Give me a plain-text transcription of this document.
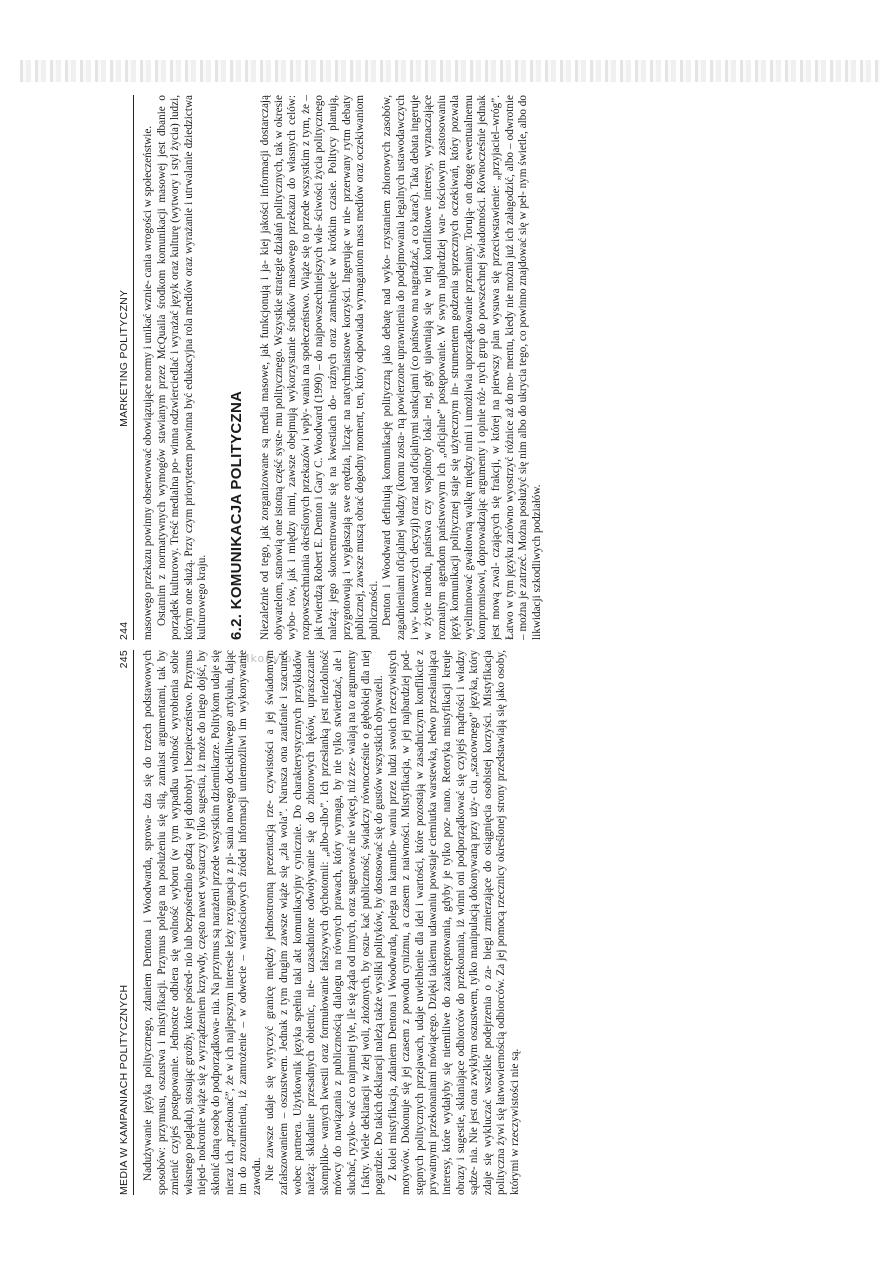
Mkonylo
244
MARKETING POLITYCZNY masowego przekazu powinny obserwować obowiązujące normy i unikać wznie- cania wrogości w społeczeństwie. Ostatnim z normatywnych wymogów stawianym przez McQuaila środkom komunikacji masowej jest dbanie o porządek kulturowy. Treść medialna po- winna odzwierciedlać i wyrażać język oraz kulturę (wytwory i styl życia) ludzi, którym one służą. Przy czym priorytetem powinna być edukacyjna rola mediów oraz wyrażanie i utrwalanie dziedzictwa kulturowego kraju. 6.2. KOMUNIKACJA POLITYCZNA Niezależnie od tego, jak zorganizowane są media masowe, jak funkcjonują i ja- kiej jakości informacji dostarczają obywatelom, stanowią one istotną część syste- mu politycznego. Wszystkie strategie działań politycznych, tak w okresie wybo- rów, jak i między nimi, zawsze obejmują wykorzystanie środków masowego przekazu do własnych celów: rozpowszechniania określonych przekazów i wpły- wania na społeczeństwo. Wiąże się to przede wszystkim z tym, że – jak twierdzą Robert E. Denton i Gary C. Woodward (1990) – do najpowszechniejszych wła- ściwości życia politycznego należą: jego skoncentrowanie się na kwestiach do- raźnych oraz zamknięcie w krótkim czasie. Politycy planują, przygotowują i wygłaszają swe orędzia, licząc na natychmiastowe korzyści. Ingerując w nie- przerwany rytm debaty publicznej, zawsze muszą obrać dogodny moment, ten, który odpowiada wymaganiom mass mediów oraz oczekiwaniom publiczności. Denton i Woodward definiują komunikację polityczną jako debatę nad wyko- rzystaniem zbiorowych zasobów, zagadnieniami oficjalnej władzy (komu zosta- ną powierzone uprawnienia do podejmowania legalnych ustawodawczych i wy- konawczych decyzji) oraz nad oficjalnymi sankcjami (co państwo ma nagradzać, a co karać). Taka debata ingeruje w życie narodu, państwa czy wspólnoty lokal- nej, gdy ujawniają się w niej konfliktowe interesy, wyznaczające rozmaitym agendom państwowym ich „oficjalne” postępowanie. W swym najbardziej war- tościowym zastosowaniu język komunikacji politycznej staje się użytecznym in- strumentem godzenia sprzecznych oczekiwań, który pozwala wyeliminować gwałtowną walkę między nimi i umożliwia uporządkowanie przemiany. Torują- on drogę ewentualnemu kompromisowi, doprowadzając argumenty i opinie róż- nych grup do powszechnej świadomości. Równocześnie jednak jest mową zwal- czających się frakcji, w której na pierwszy plan wysuwa się przeciwstawienie: „przyjaciel–wróg”. Łatwo w tym języku zarówno wyostrzyć różnice aż do mo- mentu, kiedy nie można już ich załagodzić, albo – odwrotnie – można je zatrzeć. Można posłużyć się nim albo do ukrycia tego, co powinno znajdować się w peł- nym świetle, albo do likwidacji szkodliwych podziałów.

MEDIA W KAMPANIACH POLITYCZNYCH
245 Nadużywanie języka politycznego, zdaniem Dentona i Woodwarda, sprowa- dza się do trzech podstawowych sposobów: przymusu, oszustwa i mistyfikacji. Przymus polega na posłużeniu się siłą, zamiast argumentami, tak by zmienić czyjeś postępowanie. Jednostce odbiera się wolność wyboru (w tym wypadku wolność wyrobienia sobie własnego poglądu), stosując groźby, które pośred- nio lub bezpośrednio godzą w jej dobrobyt i bezpieczeństwo. Przymus niejed- nokrotnie wiąże się z wyrządzeniem krzywdy, często nawet wystarczy tylko sugestia, iż może do niego dojść, by skłonić daną osobę do podporządkowa- nia. Na przymus są narażeni przede wszystkim dziennikarze. Politykom udaje się nieraz ich „przekonać”, że w ich najlepszym interesie leży rezygnacja z pi- sania nowego docieklliwego artykułu, dając im do zrozumienia, iż zamrożenie – w odwecie – wartościowych źródeł informacji uniemożliwi im wykonywanie zawodu. Nie zawsze udaje się wytyczyć granicę między jednostronną prezentacją rze- czywistości a jej świadomym zafałszowaniem – oszustwem. Jednak z tym drugim zawsze wiąże się „zła wola”. Narusza ona zaufanie i szacunek wobec partnera. Użytkownik języka spełnia taki akt komunikacyjny cynicznie. Do charakterystycznych przykładów należą: składanie przesadnych obietnic, nie- uzasadnione odwoływanie się do zbiorowych lęków, upraszczanie skompliko- wanych kwestii oraz formułowanie fałszywych dychotomii: „albo–albo”. Ich przesłanką jest niezdolność mówcy do nawiązania z publicznością dialogu na równych prawach, który wymaga, by nie tylko stwierdzać, ale i słuchać, ryzyko- wać co najmniej tyle, ile się żąda od innych, oraz sugerować nie więcej, niż zez- walają na to argumenty i fakty. Wiele deklaracji w złej woli, złożonych, by oszu- kać publiczność, świadczy równocześnie o głębokiej dla niej pogardzie. Do takich deklaracji należą także wysiłki polityków, by dostosować się do gustów wszystkich obywateli. Z kolei mistyfikacja, zdaniem Dentona i Woodwarda, polega na kamuflo- waniu przez ludzi swoich rzeczywistych motywów. Dokonuje się jej czasem z powodu cynizmu, a czasem z naiwności. Mistyfikacja, w jej najbardziej pod- stępnych politycznych przejawach, udaje uwielbienie dla idei i wartości, które pozostają w zasadniczym konflikcie z prywatnymi przekonaniami mówiącego. Dzięki takiemu udawaniu powstaje ciemiutka warstewka, ledwo przesłaniająca interesy, które wydałyby się niemiliwe do zaakceptowania, gdyby je tylko poz- nano. Retoryka mistyfikacji kreuje obrazy i sugestie, skłaniające odbiorców do przekonania, iż winni oni podporządkować się czyjejś mądrości i władzy sądze- nia. Nie jest ona zwykłym oszustwem, tylko manipulacją dokonywaną przy uży- ciu „szacownego” języka, który zdaje się wykluczać wszelkie podejrzenia o za- biegi zmierzające do osiągnięcia osobistej korzyści. Mistyfikacja polityczna żywi się łatwowiernością odbiorców. Za jej pomocą rzecznicy określonej strony przedstawiają się jako osoby, którymi w rzeczywistości nie są.
